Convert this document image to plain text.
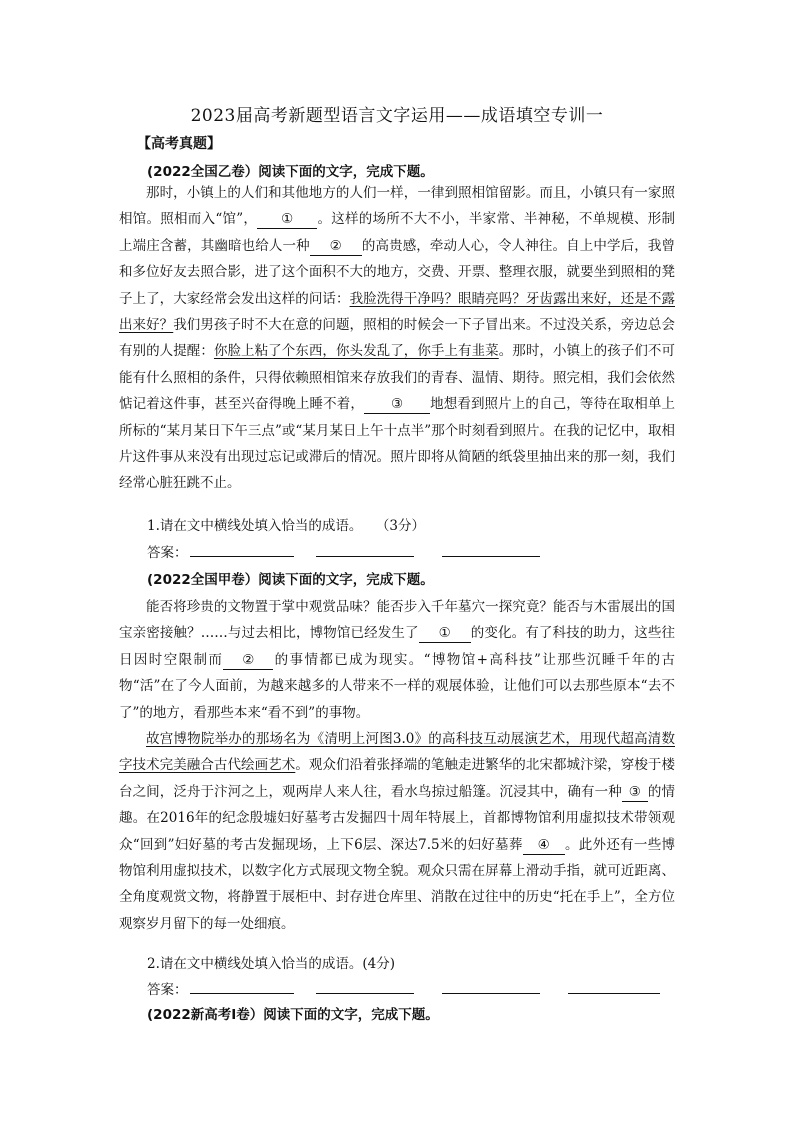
2023届高考新题型语言文字运用——成语填空专训一
【高考真题】
(2022全国乙卷）阅读下面的文字，完成下题。
那时，小镇上的人们和其他地方的人们一样，一律到照相馆留影。而且，小镇只有一家照相馆。照相而入“馆”， ① 。这样的场所不大不小，半家常、半神秘，不单规模、形制上端庄含蓄，其幽暗也给人一种 ② 的高贵感，牵动人心，令人神往。自上中学后，我曾和多位好友去照合影，进了这个面积不大的地方，交费、开票、整理衣服，就要坐到照相的凳子上了，大家经常会发出这样的问话：我脸洗得干净吗？眼睛亮吗？牙齿露出来好，还是不露出来好？我们男孩子时不大在意的问题，照相的时候会一下子冒出来。不过没关系，旁边总会有别的人提醒：你脸上粘了个东西，你头发乱了，你手上有韭菜。那时，小镇上的孩子们不可能有什么照相的条件，只得依赖照相馆来存放我们的青春、温情、期待。照完相，我们会依然惦记着这件事，甚至兴奋得晚上睡不着， ③ 地想看到照片上的自己，等待在取相单上所标的“某月某日下午三点”或“某月某日上午十点半”那个时刻看到照片。在我的记忆中，取相片这件事从来没有出现过忘记或滞后的情况。照片即将从简陋的纸袋里抽出来的那一刻，我们经常心脏狂跳不止。
1.请在文中横线处填入恰当的成语。　　（3分）
答案：
(2022全国甲卷）阅读下面的文字，完成下题。
能否将珍贵的文物置于掌中观赏品味？能否步入千年墓穴一探究竟？能否与木雷展出的国宝亲密接触？……与过去相比，博物馆已经发生了 ① 的变化。有了科技的助力，这些往日因时空限制而 ② 的事情都已成为现实。“博物馆+高科技”让那些沉睡千年的古物“活”在了今人面前，为越来越多的人带来不一样的观展体验，让他们可以去那些原本“去不了”的地方，看那些本来“看不到”的事物。
故宫博物院举办的那场名为《清明上河图3.0》的高科技互动展演艺术，用现代超高清数字技术完美融合古代绘画艺术。观众们沿着张择端的笔触走进繁华的北宋都城汴梁，穿梭于楼台之间，泛舟于汴河之上，观两岸人来人往，看水鸟掠过船篷。沉浸其中，确有一种 ③ 的情趣。在2016年的纪念殷墟妇好墓考古发掘四十周年特展上，首都博物馆利用虚拟技术带领观众“回到”妇好墓的考古发掘现场，上下6层、深达7.5米的妇好墓葬 ④ 。此外还有一些博物馆利用虚拟技术，以数字化方式展现文物全貌。观众只需在屏幕上滑动手指，就可近距离、全角度观赏文物，将静置于展柜中、封存进仓库里、消散在过往中的历史“托在手上”，全方位观察岁月留下的每一处细痕。
2.请在文中横线处填入恰当的成语。(4分)
答案：
(2022新高考Ⅰ卷）阅读下面的文字，完成下题。
